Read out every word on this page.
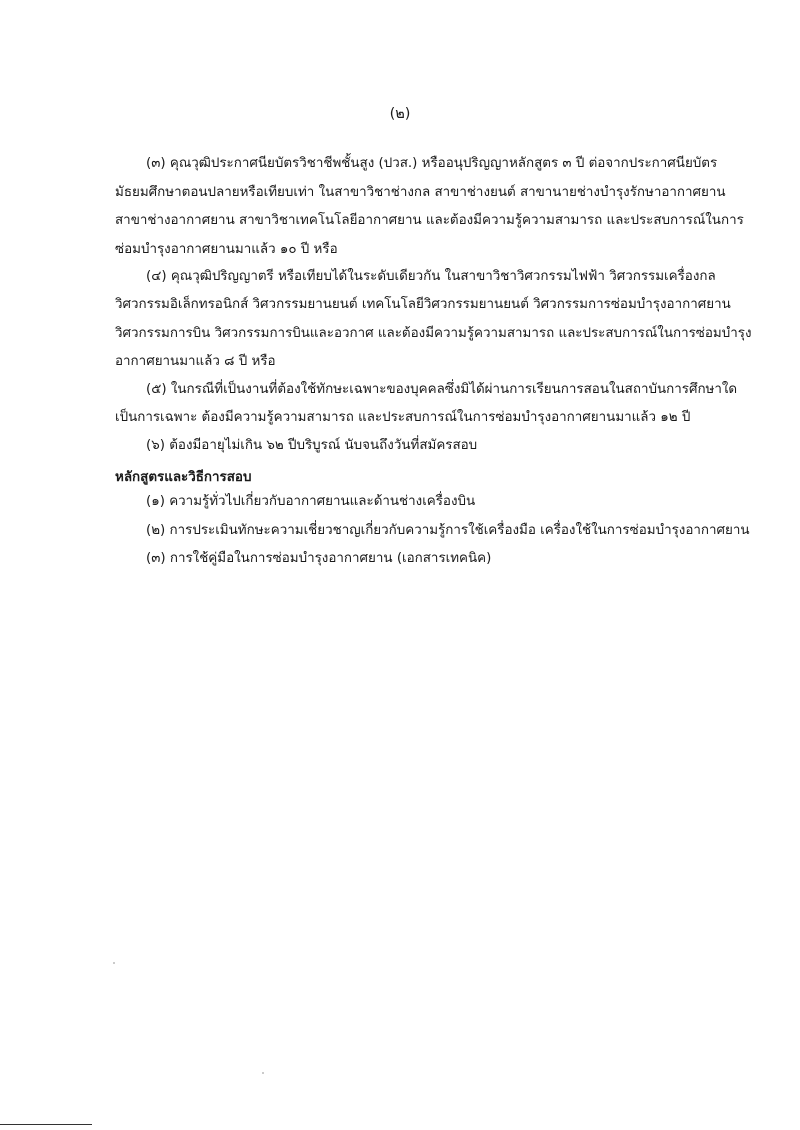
(๒)
(๓) คุณวุฒิประกาศนียบัตรวิชาชีพชั้นสูง (ปวส.) หรืออนุปริญญาหลักสูตร ๓ ปี ต่อจากประกาศนียบัตร
มัธยมศึกษาตอนปลายหรือเทียบเท่า ในสาขาวิชาช่างกล สาขาช่างยนต์ สาขานายช่างบำรุงรักษาอากาศยาน
สาขาช่างอากาศยาน สาขาวิชาเทคโนโลยีอากาศยาน และต้องมีความรู้ความสามารถ และประสบการณ์ในการ
ซ่อมบำรุงอากาศยานมาแล้ว ๑๐ ปี หรือ
(๔) คุณวุฒิปริญญาตรี หรือเทียบได้ในระดับเดียวกัน ในสาขาวิชาวิศวกรรมไฟฟ้า วิศวกรรมเครื่องกล
วิศวกรรมอิเล็กทรอนิกส์ วิศวกรรมยานยนต์ เทคโนโลยีวิศวกรรมยานยนต์ วิศวกรรมการซ่อมบำรุงอากาศยาน
วิศวกรรมการบิน วิศวกรรมการบินและอวกาศ และต้องมีความรู้ความสามารถ และประสบการณ์ในการซ่อมบำรุง
อากาศยานมาแล้ว ๘ ปี หรือ
(๕) ในกรณีที่เป็นงานที่ต้องใช้ทักษะเฉพาะของบุคคลซึ่งมิได้ผ่านการเรียนการสอนในสถาบันการศึกษาใด
เป็นการเฉพาะ ต้องมีความรู้ความสามารถ และประสบการณ์ในการซ่อมบำรุงอากาศยานมาแล้ว ๑๒ ปี
(๖) ต้องมีอายุไม่เกิน ๖๒ ปีบริบูรณ์ นับจนถึงวันที่สมัครสอบ
หลักสูตรและวิธีการสอบ
(๑) ความรู้ทั่วไปเกี่ยวกับอากาศยานและด้านช่างเครื่องบิน
(๒) การประเมินทักษะความเชี่ยวชาญเกี่ยวกับความรู้การใช้เครื่องมือ เครื่องใช้ในการซ่อมบำรุงอากาศยาน
(๓) การใช้คู่มือในการซ่อมบำรุงอากาศยาน (เอกสารเทคนิค)
